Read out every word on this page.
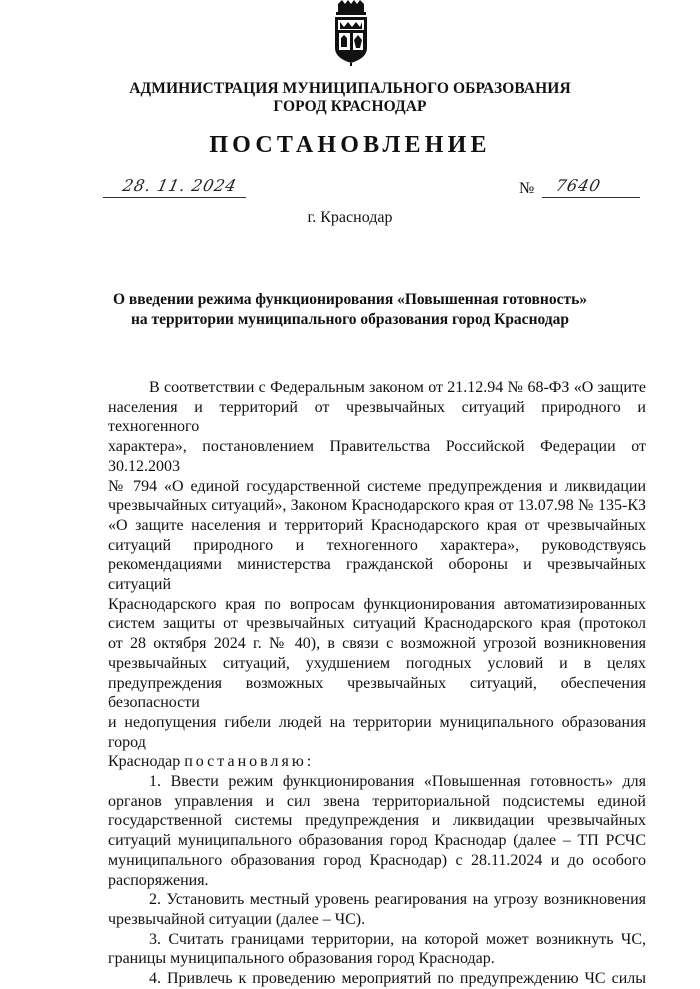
АДМИНИСТРАЦИЯ МУНИЦИПАЛЬНОГО ОБРАЗОВАНИЯ
ГОРОД КРАСНОДАР
ПОСТАНОВЛЕНИЕ
28. 11. 2024	№ 7640
г. Краснодар
О введении режима функционирования «Повышенная готовность»
на территории муниципального образования город Краснодар
В соответствии с Федеральным законом от 21.12.94 № 68-ФЗ «О защите
населения и территорий от чрезвычайных ситуаций природного и техногенного
характера», постановлением Правительства Российской Федерации от 30.12.2003
№ 794 «О единой государственной системе предупреждения и ликвидации
чрезвычайных ситуаций», Законом Краснодарского края от 13.07.98 № 135-КЗ
«О защите населения и территорий Краснодарского края от чрезвычайных
ситуаций природного и техногенного характера», руководствуясь
рекомендациями министерства гражданской обороны и чрезвычайных ситуаций
Краснодарского края по вопросам функционирования автоматизированных
систем защиты от чрезвычайных ситуаций Краснодарского края (протокол
от 28 октября 2024 г. № 40), в связи с возможной угрозой возникновения
чрезвычайных ситуаций, ухудшением погодных условий и в целях
предупреждения возможных чрезвычайных ситуаций, обеспечения безопасности
и недопущения гибели людей на территории муниципального образования город
Краснодар постановляю:
1. Ввести режим функционирования «Повышенная готовность» для
органов управления и сил звена территориальной подсистемы единой
государственной системы предупреждения и ликвидации чрезвычайных
ситуаций муниципального образования город Краснодар (далее – ТП РСЧС
муниципального образования город Краснодар) с 28.11.2024 и до особого
распоряжения.
2. Установить местный уровень реагирования на угрозу возникновения
чрезвычайной ситуации (далее – ЧС).
3. Считать границами территории, на которой может возникнуть ЧС,
границы муниципального образования город Краснодар.
4. Привлечь к проведению мероприятий по предупреждению ЧС силы
